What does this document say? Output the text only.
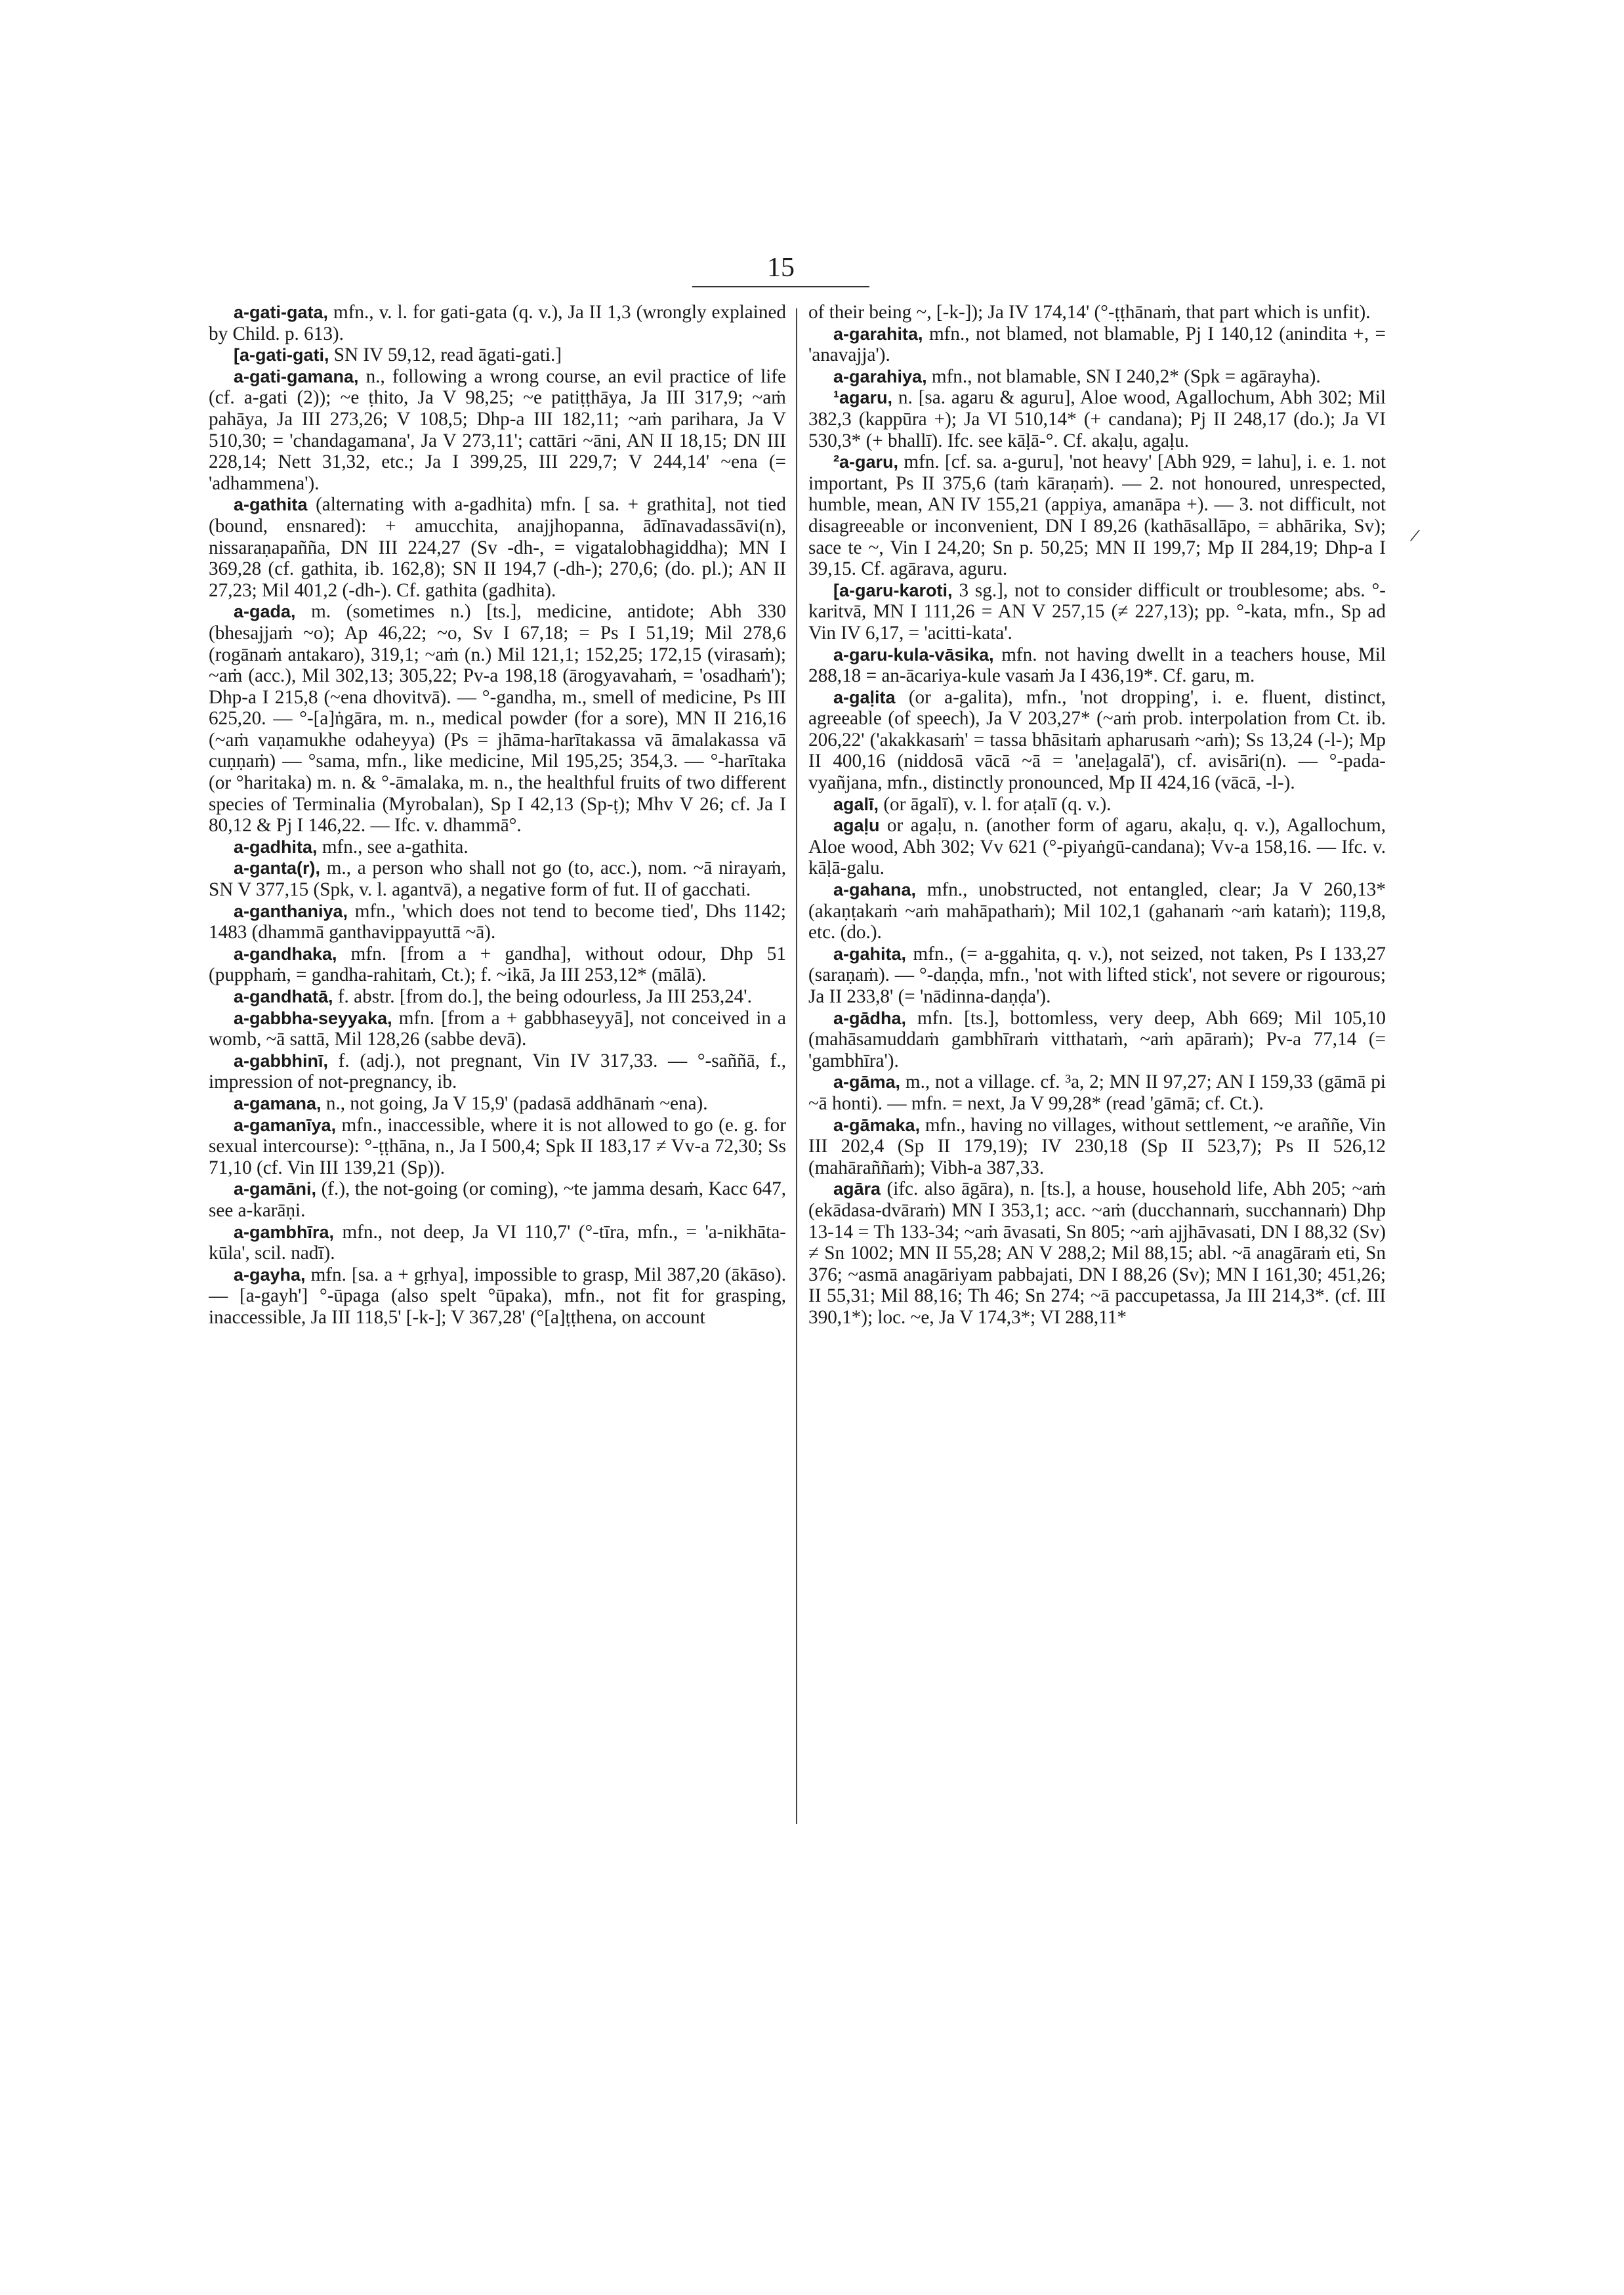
15

a-gati-gata, mfn., v. l. for gati-gata (q. v.), Ja II 1,3 (wrongly explained by Child. p. 613).

[a-gati-gati, SN IV 59,12, read āgati-gati.]

a-gati-gamana, n., following a wrong course, an evil practice of life (cf. a-gati (2)); ~e ṭhito, Ja V 98,25; ~e patiṭṭhāya, Ja III 317,9; ~aṁ pahāya, Ja III 273,26; V 108,5; Dhp-a III 182,11; ~aṁ parihara, Ja V 510,30; = 'chandagamana', Ja V 273,11'; cattāri ~āni, AN II 18,15; DN III 228,14; Nett 31,32, etc.; Ja I 399,25, III 229,7; V 244,14' ~ena (= 'adhammena').

a-gathita (alternating with a-gadhita) mfn. [ sa. + grathita], not tied (bound, ensnared): + amucchita, anajjhopanna, ādīnavadassāvi(n), nissaraṇapañña, DN III 224,27 (Sv -dh-, = vigatalobhagiddha); MN I 369,28 (cf. gathita, ib. 162,8); SN II 194,7 (-dh-); 270,6; (do. pl.); AN II 27,23; Mil 401,2 (-dh-). Cf. gathita (gadhita).

a-gada, m. (sometimes n.) [ts.], medicine, antidote; Abh 330 (bhesajjaṁ ~o); Ap 46,22; ~o, Sv I 67,18; = Ps I 51,19; Mil 278,6 (rogānaṁ antakaro), 319,1; ~aṁ (n.) Mil 121,1; 152,25; 172,15 (virasaṁ); ~aṁ (acc.), Mil 302,13; 305,22; Pv-a 198,18 (ārogyavahaṁ, = 'osadhaṁ'); Dhp-a I 215,8 (~ena dhovitvā). — °-gandha, m., smell of medicine, Ps III 625,20. — °-[a]ṅgāra, m. n., medical powder (for a sore), MN II 216,16 (~aṁ vaṇamukhe odaheyya) (Ps = jhāma-harītakassa vā āmalakassa vā cuṇṇaṁ) — °sama, mfn., like medicine, Mil 195,25; 354,3. — °-harītaka (or °haritaka) m. n. & °-āmalaka, m. n., the healthful fruits of two different species of Terminalia (Myrobalan), Sp I 42,13 (Sp-ṭ); Mhv V 26; cf. Ja I 80,12 & Pj I 146,22. — Ifc. v. dhammā°.

a-gadhita, mfn., see a-gathita.

a-ganta(r), m., a person who shall not go (to, acc.), nom. ~ā nirayaṁ, SN V 377,15 (Spk, v. l. agantvā), a negative form of fut. II of gacchati.

a-ganthaniya, mfn., 'which does not tend to become tied', Dhs 1142; 1483 (dhammā ganthavippayuttā ~ā).

a-gandhaka, mfn. [from a + gandha], without odour, Dhp 51 (pupphaṁ, = gandha-rahitaṁ, Ct.); f. ~ikā, Ja III 253,12* (mālā).

a-gandhatā, f. abstr. [from do.], the being odourless, Ja III 253,24'.

a-gabbha-seyyaka, mfn. [from a + gabbhaseyyā], not conceived in a womb, ~ā sattā, Mil 128,26 (sabbe devā).

a-gabbhinī, f. (adj.), not pregnant, Vin IV 317,33. — °-saññā, f., impression of not-pregnancy, ib.

a-gamana, n., not going, Ja V 15,9' (padasā addhānaṁ ~ena).

a-gamanīya, mfn., inaccessible, where it is not allowed to go (e. g. for sexual intercourse): °-ṭṭhāna, n., Ja I 500,4; Spk II 183,17 ≠ Vv-a 72,30; Ss 71,10 (cf. Vin III 139,21 (Sp)).

a-gamāni, (f.), the not-going (or coming), ~te jamma desaṁ, Kacc 647, see a-karāṇi.

a-gambhīra, mfn., not deep, Ja VI 110,7' (°-tīra, mfn., = 'a-nikhāta-kūla', scil. nadī).

a-gayha, mfn. [sa. a + gṛhya], impossible to grasp, Mil 387,20 (ākāso). — [a-gayh'] °-ūpaga (also spelt °ūpaka), mfn., not fit for grasping, inaccessible, Ja III 118,5' [-k-]; V 367,28' (°[a]ṭṭhena, on account

of their being ~, [-k-]); Ja IV 174,14' (°-ṭṭhānaṁ, that part which is unfit).

a-garahita, mfn., not blamed, not blamable, Pj I 140,12 (anindita +, = 'anavajja').

a-garahiya, mfn., not blamable, SN I 240,2* (Spk = agārayha).

¹agaru, n. [sa. agaru & aguru], Aloe wood, Agallochum, Abh 302; Mil 382,3 (kappūra +); Ja VI 510,14* (+ candana); Pj II 248,17 (do.); Ja VI 530,3* (+ bhallī). Ifc. see kāḷā-°. Cf. akaḷu, agaḷu.

²a-garu, mfn. [cf. sa. a-guru], 'not heavy' [Abh 929, = lahu], i. e. 1. not important, Ps II 375,6 (taṁ kāraṇaṁ). — 2. not honoured, unrespected, humble, mean, AN IV 155,21 (appiya, amanāpa +). — 3. not difficult, not disagreeable or inconvenient, DN I 89,26 (kathāsallāpo, = abhārika, Sv); sace te ~, Vin I 24,20; Sn p. 50,25; MN II 199,7; Mp II 284,19; Dhp-a I 39,15. Cf. agārava, aguru.

[a-garu-karoti, 3 sg.], not to consider difficult or troublesome; abs. °-karitvā, MN I 111,26 = AN V 257,15 (≠ 227,13); pp. °-kata, mfn., Sp ad Vin IV 6,17, = 'acitti-kata'.

a-garu-kula-vāsika, mfn. not having dwellt in a teachers house, Mil 288,18 = an-ācariya-kule vasaṁ Ja I 436,19*. Cf. garu, m.

a-gaḷita (or a-galita), mfn., 'not dropping', i. e. fluent, distinct, agreeable (of speech), Ja V 203,27* (~aṁ prob. interpolation from Ct. ib. 206,22' ('akakkasaṁ' = tassa bhāsitaṁ apharusaṁ ~aṁ); Ss 13,24 (-l-); Mp II 400,16 (niddosā vācā ~ā = 'aneḷagalā'), cf. avisāri(n). — °-pada-vyañjana, mfn., distinctly pronounced, Mp II 424,16 (vācā, -l-).

agalī, (or āgalī), v. l. for aṭalī (q. v.).

agaḷu or agaḷu, n. (another form of agaru, akaḷu, q. v.), Agallochum, Aloe wood, Abh 302; Vv 621 (°-piyaṅgū-candana); Vv-a 158,16. — Ifc. v. kāḷā-galu.

a-gahana, mfn., unobstructed, not entangled, clear; Ja V 260,13* (akaṇṭakaṁ ~aṁ mahāpathaṁ); Mil 102,1 (gahanaṁ ~aṁ kataṁ); 119,8, etc. (do.).

a-gahita, mfn., (= a-ggahita, q. v.), not seized, not taken, Ps I 133,27 (saraṇaṁ). — °-daṇḍa, mfn., 'not with lifted stick', not severe or rigourous; Ja II 233,8' (= 'nādinna-daṇḍa').

a-gādha, mfn. [ts.], bottomless, very deep, Abh 669; Mil 105,10 (mahāsamuddaṁ gambhīraṁ vitthataṁ, ~aṁ apāraṁ); Pv-a 77,14 (= 'gambhīra').

a-gāma, m., not a village. cf. ³a, 2; MN II 97,27; AN I 159,33 (gāmā pi ~ā honti). — mfn. = next, Ja V 99,28* (read 'gāmā; cf. Ct.).

a-gāmaka, mfn., having no villages, without settlement, ~e araññe, Vin III 202,4 (Sp II 179,19); IV 230,18 (Sp II 523,7); Ps II 526,12 (mahāraññaṁ); Vibh-a 387,33.

agāra (ifc. also āgāra), n. [ts.], a house, household life, Abh 205; ~aṁ (ekādasa-dvāraṁ) MN I 353,1; acc. ~aṁ (ducchannaṁ, succhannaṁ) Dhp 13-14 = Th 133-34; ~aṁ āvasati, Sn 805; ~aṁ ajjhāvasati, DN I 88,32 (Sv) ≠ Sn 1002; MN II 55,28; AN V 288,2; Mil 88,15; abl. ~ā anagāraṁ eti, Sn 376; ~asmā anagāriyam pabbajati, DN I 88,26 (Sv); MN I 161,30; 451,26; II 55,31; Mil 88,16; Th 46; Sn 274; ~ā paccupetassa, Ja III 214,3*. (cf. III 390,1*); loc. ~e, Ja V 174,3*; VI 288,11*

/
